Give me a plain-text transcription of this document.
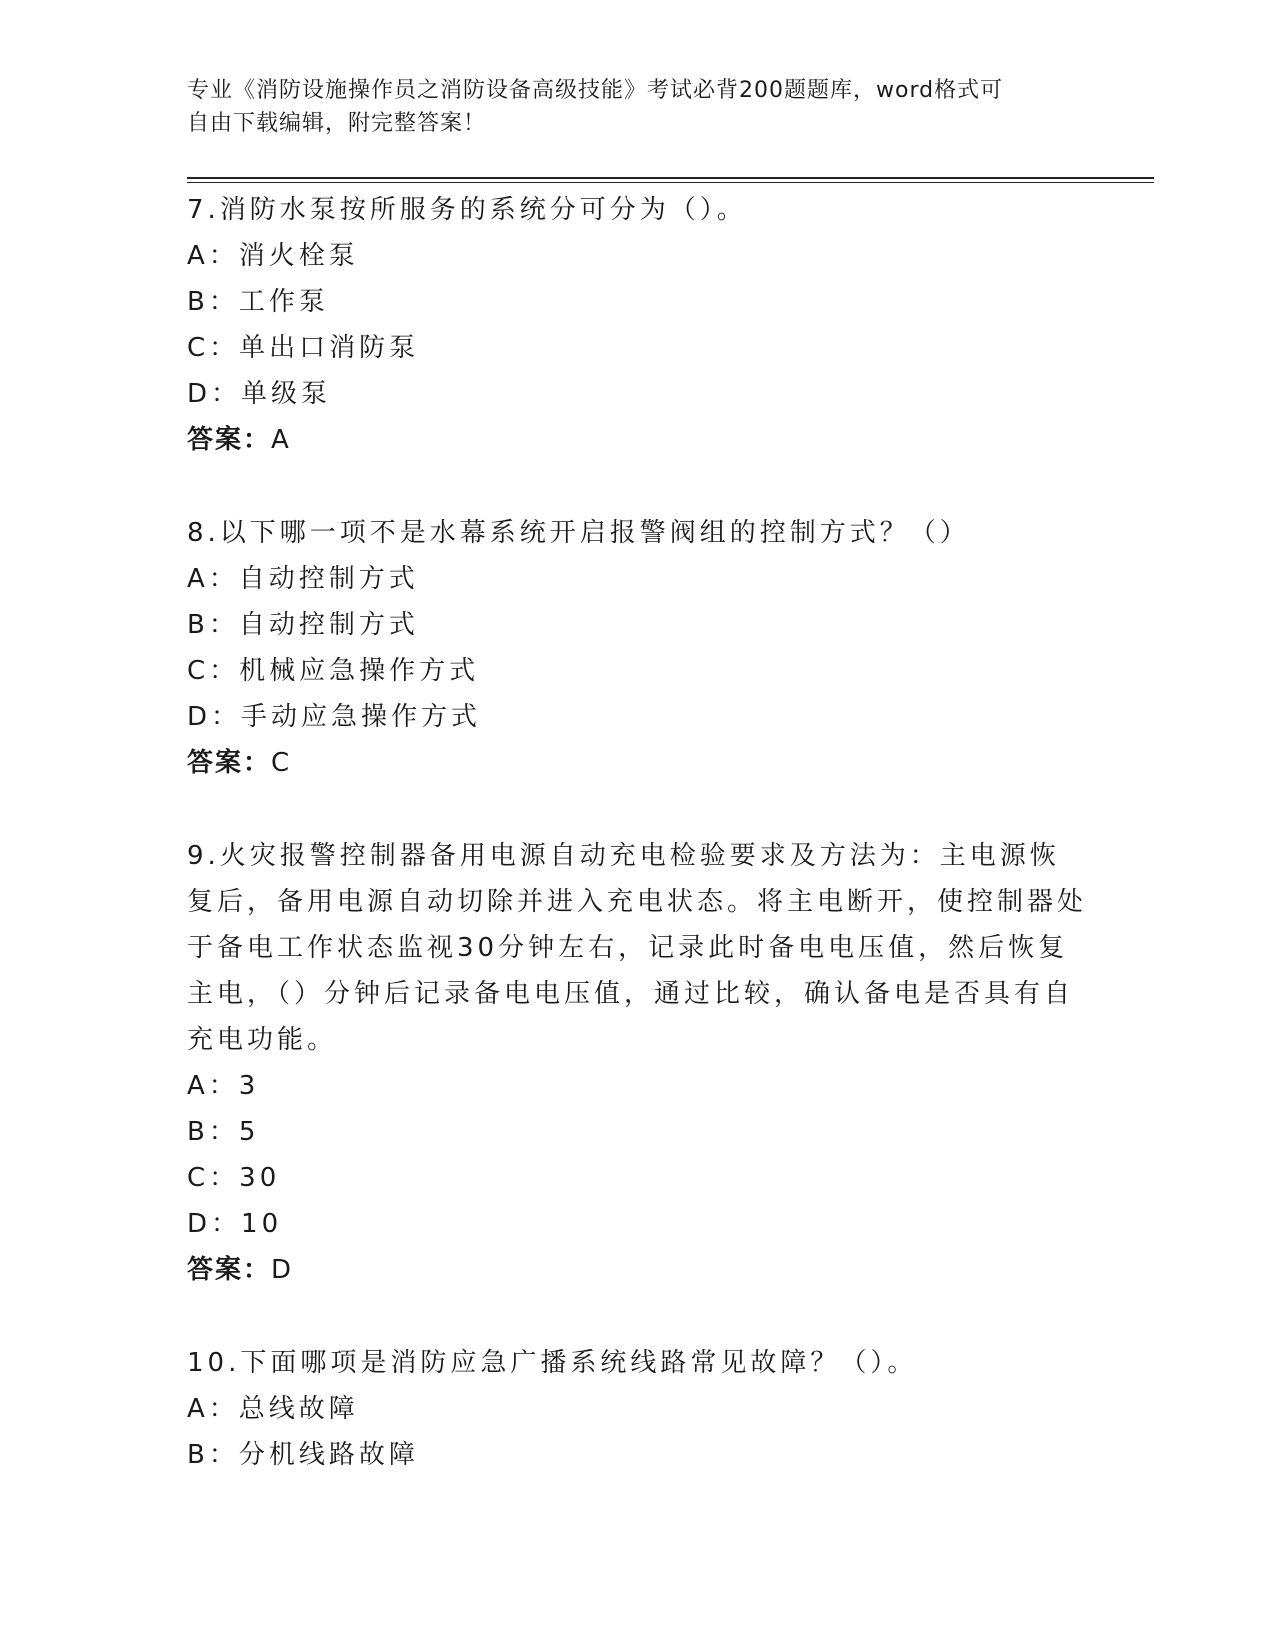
专业《消防设施操作员之消防设备高级技能》考试必背200题题库，word格式可
自由下载编辑，附完整答案！

7.消防水泵按所服务的系统分可分为（）。

A：消火栓泵

B：工作泵

C：单出口消防泵

D：单级泵

答案：A

8.以下哪一项不是水幕系统开启报警阀组的控制方式？（）

A：自动控制方式

B：自动控制方式

C：机械应急操作方式

D：手动应急操作方式

答案：C

9.火灾报警控制器备用电源自动充电检验要求及方法为：主电源恢复后，备用电源自动切除并进入充电状态。将主电断开，使控制器处于备电工作状态监视30分钟左右，记录此时备电电压值，然后恢复主电，（）分钟后记录备电电压值，通过比较，确认备电是否具有自充电功能。

A：3

B：5

C：30

D：10

答案：D

10.下面哪项是消防应急广播系统线路常见故障？（）。

A：总线故障

B：分机线路故障
